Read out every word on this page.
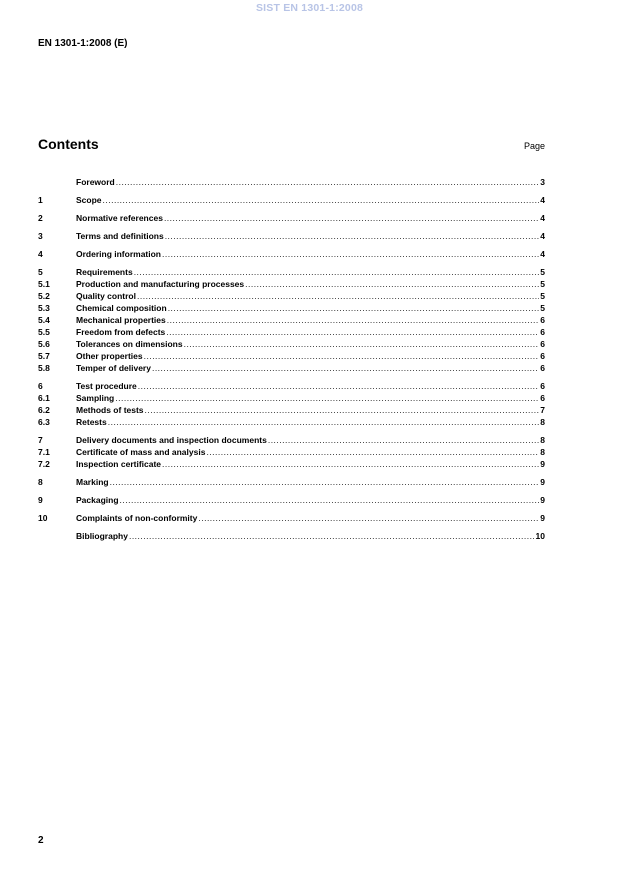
SIST EN 1301-1:2008
EN 1301-1:2008 (E)
Contents	Page
Foreword .....	3
1	Scope .....	4
2	Normative references .....	4
3	Terms and definitions .....	4
4	Ordering information .....	4
5	Requirements .....	5
5.1	Production and manufacturing processes .....	5
5.2	Quality control .....	5
5.3	Chemical composition .....	5
5.4	Mechanical properties .....	6
5.5	Freedom from defects .....	6
5.6	Tolerances on dimensions .....	6
5.7	Other properties .....	6
5.8	Temper of delivery .....	6
6	Test procedure .....	6
6.1	Sampling .....	6
6.2	Methods of tests .....	7
6.3	Retests .....	8
7	Delivery documents and inspection documents .....	8
7.1	Certificate of mass and analysis .....	8
7.2	Inspection certificate .....	9
8	Marking .....	9
9	Packaging .....	9
10	Complaints of non-conformity .....	9
Bibliography .....	10
2
